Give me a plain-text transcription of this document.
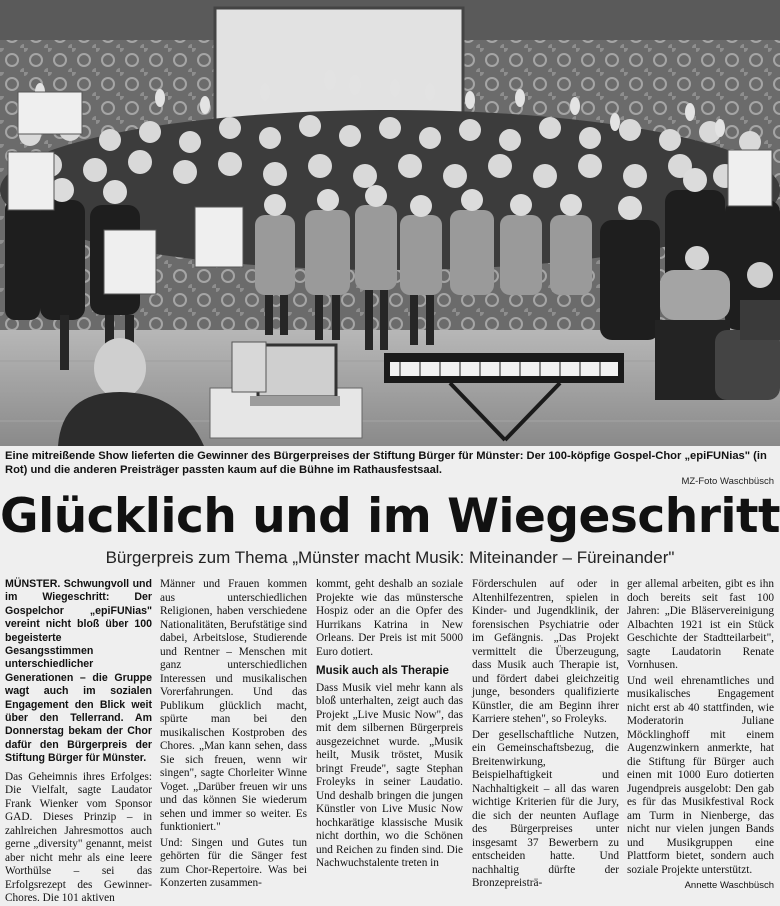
Eine mitreißende Show lieferten die Gewinner des Bürgerpreises der Stiftung Bürger für Münster: Der 100-köpfige Gospel-Chor „epiFUNias" (in Rot) und die anderen Preisträger passten kaum auf die Bühne im Rathausfestsaal.
MZ-Foto Waschbüsch
Glücklich und im Wiegeschritt
Bürgerpreis zum Thema „Münster macht Musik: Miteinander – Füreinander"

MÜNSTER. Schwungvoll und im Wiegeschritt: Der Gospelchor „epiFUNias" vereint nicht bloß über 100 begeisterte Gesangsstimmen unterschiedlicher Generationen – die Gruppe wagt auch im sozialen Engagement den Blick weit über den Tellerrand. Am Donnerstag bekam der Chor dafür den Bürgerpreis der Stiftung Bürger für Münster.

Das Geheimnis ihres Erfolges: Die Vielfalt, sagte Laudator Frank Wienker vom Sponsor GAD. Dieses Prinzip – in zahlreichen Jahresmottos auch gerne „diversity" genannt, meist aber nicht mehr als eine leere Worthülse – sei das Erfolgsrezept des Gewinner-Chores. Die 101 aktiven

Männer und Frauen kommen aus unterschiedlichen Religionen, haben verschiedene Nationalitäten, Berufstätige sind dabei, Arbeitslose, Studierende und Rentner – Menschen mit ganz unterschiedlichen Interessen und musikalischen Vorerfahrungen. Und das Publikum glücklich macht, spürte man bei den musikalischen Kostproben des Chores. „Man kann sehen, dass Sie sich freuen, wenn wir singen", sagte Chorleiter Winne Voget. „Darüber freuen wir uns und das können Sie wiederum sehen und immer so weiter. Es funktioniert."

Und: Singen und Gutes tun gehörten für die Sänger fest zum Chor-Repertoire. Was bei Konzerten zusammen-

kommt, geht deshalb an soziale Projekte wie das münstersche Hospiz oder an die Opfer des Hurrikans Katrina in New Orleans. Der Preis ist mit 5000 Euro dotiert.

Musik auch als Therapie

Dass Musik viel mehr kann als bloß unterhalten, zeigt auch das Projekt „Live Music Now", das mit dem silbernen Bürgerpreis ausgezeichnet wurde. „Musik heilt, Musik tröstet, Musik bringt Freude", sagte Stephan Froleyks in seiner Laudatio. Und deshalb bringen die jungen Künstler von Live Music Now hochkarätige klassische Musik nicht dorthin, wo die Schönen und Reichen zu finden sind. Die Nachwuchstalente treten in

Förderschulen auf oder in Altenhilfezentren, spielen in Kinder- und Jugendklinik, der forensischen Psychiatrie oder im Gefängnis. „Das Projekt vermittelt die Überzeugung, dass Musik auch Therapie ist, und fördert dabei gleichzeitig junge, besonders qualifizierte Künstler, die am Beginn ihrer Karriere stehen", so Froleyks.

Der gesellschaftliche Nutzen, ein Gemeinschaftsbezug, die Breitenwirkung, Beispielhaftigkeit und Nachhaltigkeit – all das waren wichtige Kriterien für die Jury, die sich der neunten Auflage des Bürgerpreises unter insgesamt 37 Bewerbern zu entscheiden hatte. Und nachhaltig dürfte der Bronzepreisträ-

ger allemal arbeiten, gibt es ihn doch bereits seit fast 100 Jahren: „Die Bläservereinigung Albachten 1921 ist ein Stück Geschichte der Stadtteilarbeit", sagte Laudatorin Renate Vornhusen.

Und weil ehrenamtliches und musikalisches Engagement nicht erst ab 40 stattfinden, wie Moderatorin Juliane Möcklinghoff mit einem Augenzwinkern anmerkte, hat die Stiftung für Bürger auch einen mit 1000 Euro dotierten Jugendpreis ausgelobt: Den gab es für das Musikfestival Rock am Turm in Nienberge, das nicht nur vielen jungen Bands und Musikgruppen eine Plattform bietet, sondern auch soziale Projekte unterstützt.

Annette Waschbüsch
